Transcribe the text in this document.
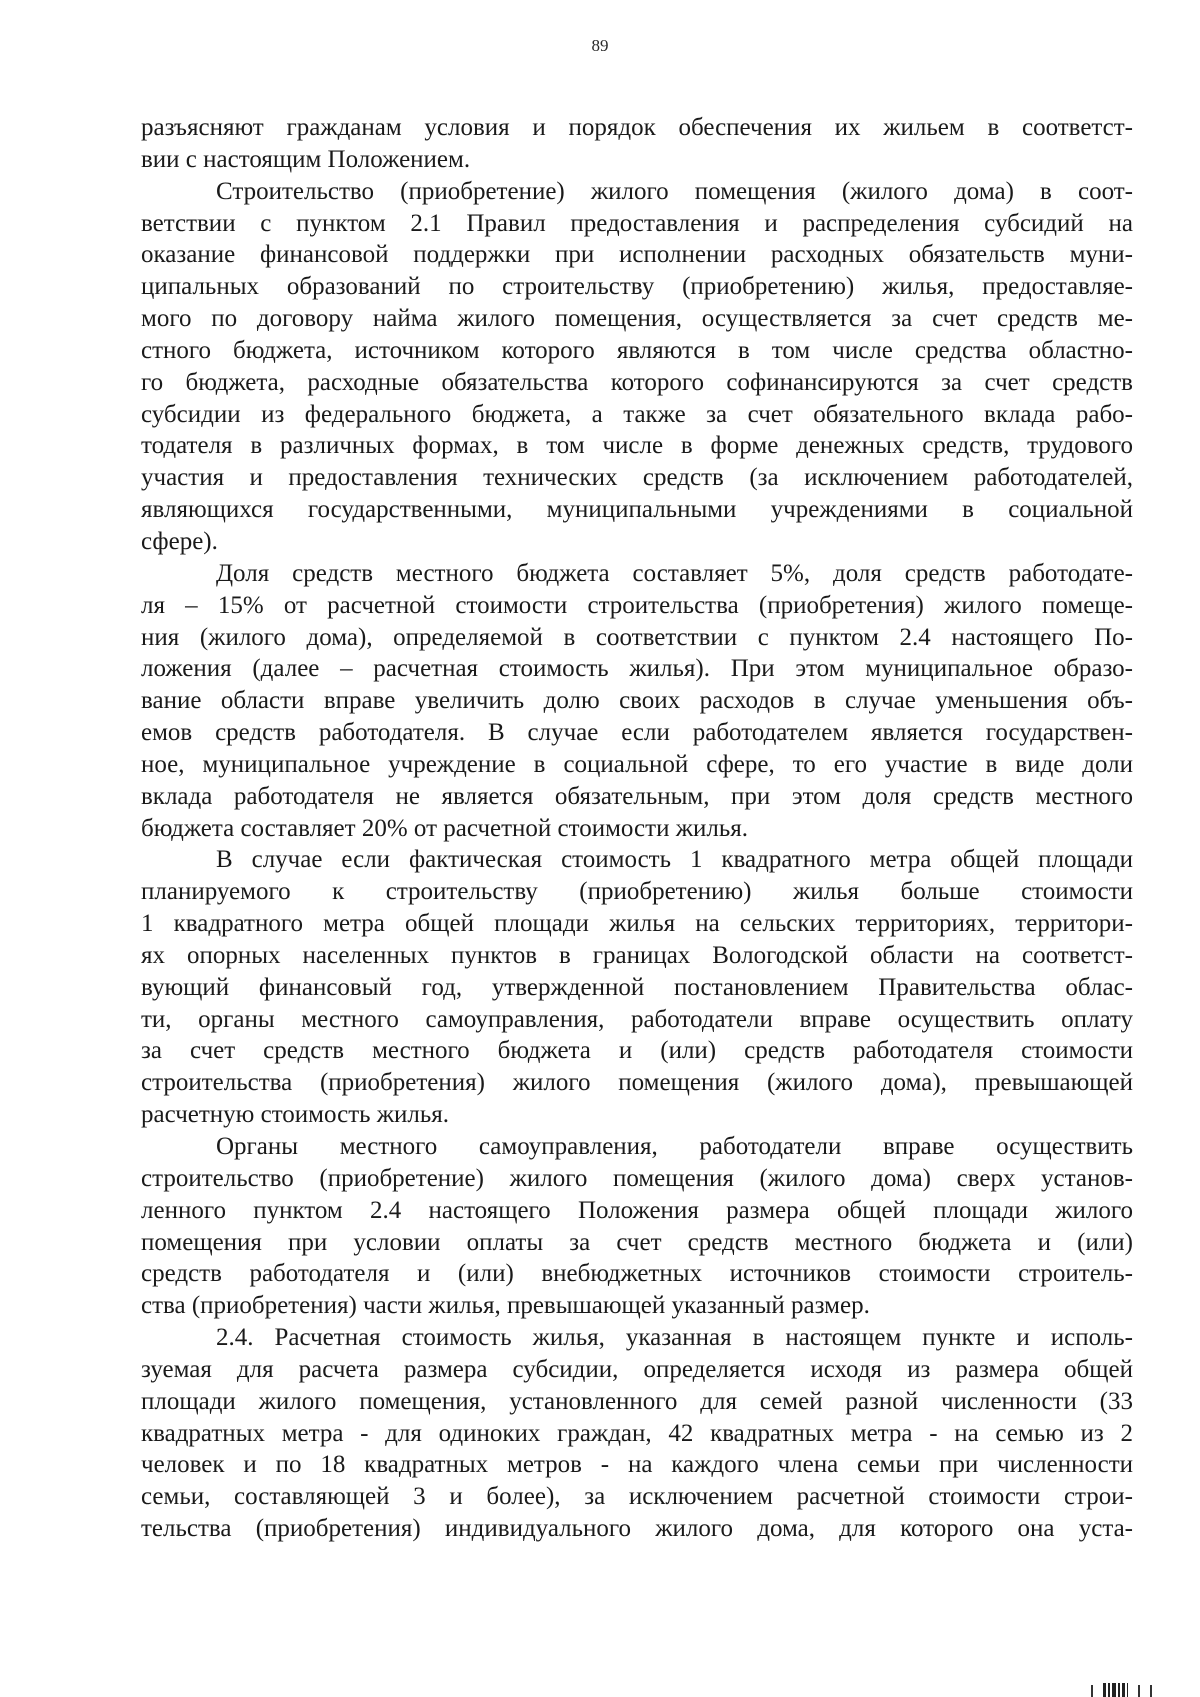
89
разъясняют гражданам условия и порядок обеспечения их жильем в соответст-
вии с настоящим Положением.
Строительство (приобретение) жилого помещения (жилого дома) в соот-
ветствии с пунктом 2.1 Правил предоставления и распределения субсидий на
оказание финансовой поддержки при исполнении расходных обязательств муни-
ципальных образований по строительству (приобретению) жилья, предоставляе-
мого по договору найма жилого помещения, осуществляется за счет средств ме-
стного бюджета, источником которого являются в том числе средства областно-
го бюджета, расходные обязательства которого софинансируются за счет средств
субсидии из федерального бюджета, а также за счет обязательного вклада рабо-
тодателя в различных формах, в том числе в форме денежных средств, трудового
участия и предоставления технических средств (за исключением работодателей,
являющихся государственными, муниципальными учреждениями в социальной
сфере).
Доля средств местного бюджета составляет 5%, доля средств работодате-
ля – 15% от расчетной стоимости строительства (приобретения) жилого помеще-
ния (жилого дома), определяемой в соответствии с пунктом 2.4 настоящего По-
ложения (далее – расчетная стоимость жилья). При этом муниципальное образо-
вание области вправе увеличить долю своих расходов в случае уменьшения объ-
емов средств работодателя. В случае если работодателем является государствен-
ное, муниципальное учреждение в социальной сфере, то его участие в виде доли
вклада работодателя не является обязательным, при этом доля средств местного
бюджета составляет 20% от расчетной стоимости жилья.
В случае если фактическая стоимость 1 квадратного метра общей площади
планируемого к строительству (приобретению) жилья больше стоимости
1 квадратного метра общей площади жилья на сельских территориях, территори-
ях опорных населенных пунктов в границах Вологодской области на соответст-
вующий финансовый год, утвержденной постановлением Правительства облас-
ти, органы местного самоуправления, работодатели вправе осуществить оплату
за счет средств местного бюджета и (или) средств работодателя стоимости
строительства (приобретения) жилого помещения (жилого дома), превышающей
расчетную стоимость жилья.
Органы местного самоуправления, работодатели вправе осуществить
строительство (приобретение) жилого помещения (жилого дома) сверх установ-
ленного пунктом 2.4 настоящего Положения размера общей площади жилого
помещения при условии оплаты за счет средств местного бюджета и (или)
средств работодателя и (или) внебюджетных источников стоимости строитель-
ства (приобретения) части жилья, превышающей указанный размер.
2.4. Расчетная стоимость жилья, указанная в настоящем пункте и исполь-
зуемая для расчета размера субсидии, определяется исходя из размера общей
площади жилого помещения, установленного для семей разной численности (33
квадратных метра - для одиноких граждан, 42 квадратных метра - на семью из 2
человек и по 18 квадратных метров - на каждого члена семьи при численности
семьи, составляющей 3 и более), за исключением расчетной стоимости строи-
тельства (приобретения) индивидуального жилого дома, для которого она уста-
